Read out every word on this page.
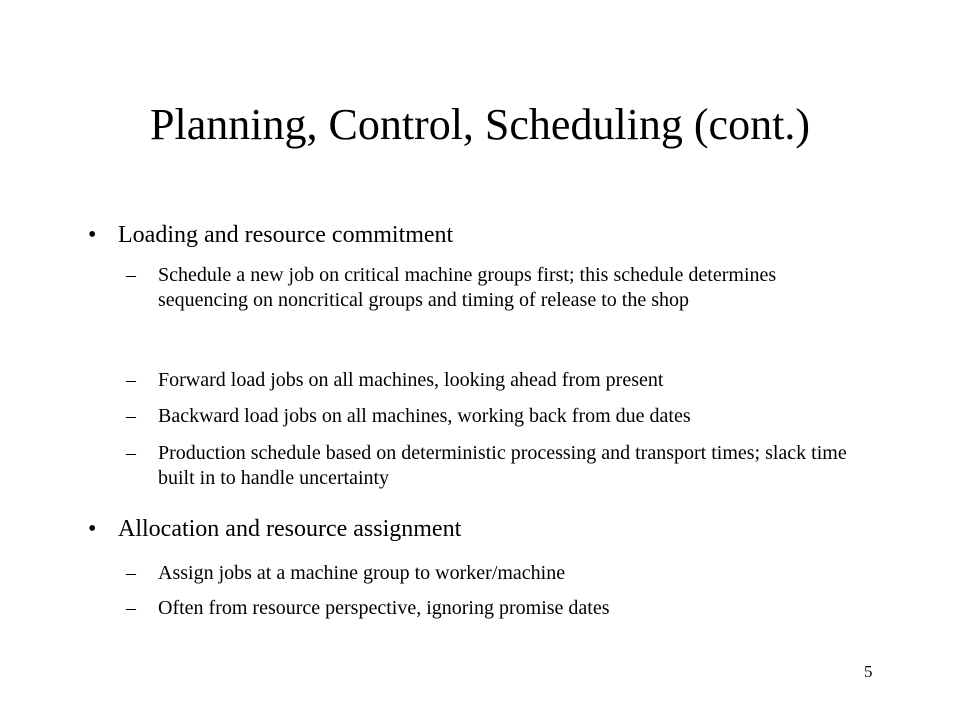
Planning, Control, Scheduling (cont.)

• Loading and resource commitment

–	Schedule a new job on critical machine groups first; this schedule determines sequencing on noncritical groups and timing of release to the shop

–	Forward load jobs on all machines, looking ahead from present

–	Backward load jobs on all machines, working back from due dates

–	Production schedule based on deterministic processing and transport times; slack time built in to handle uncertainty

• Allocation and resource assignment

–	Assign jobs at a machine group to worker/machine

–	Often from resource perspective, ignoring promise dates

5
